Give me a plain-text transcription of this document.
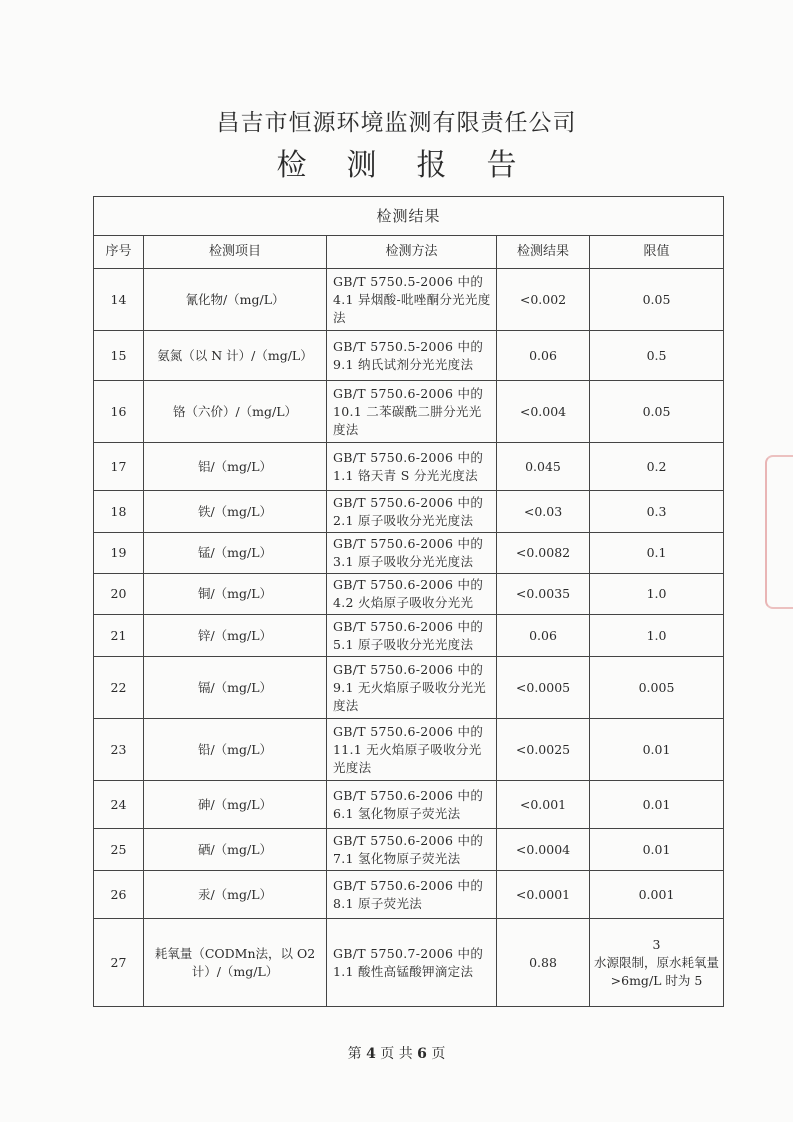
昌吉市恒源环境监测有限责任公司
检测报告
检测结果				
序号	检测项目	检测方法	检测结果	限值
14	氰化物/（mg/L）	GB/T 5750.5-2006 中的4.1 异烟酸-吡唑酮分光光度法	<0.002	0.05
15	氨氮（以 N 计）/（mg/L）	GB/T 5750.5-2006 中的9.1 纳氏试剂分光光度法	0.06	0.5
16	铬（六价）/（mg/L）	GB/T 5750.6-2006 中的10.1 二苯碳酰二肼分光光度法	<0.004	0.05
17	铝/（mg/L）	GB/T 5750.6-2006 中的1.1 铬天青 S 分光光度法	0.045	0.2
18	铁/（mg/L）	GB/T 5750.6-2006 中的2.1 原子吸收分光光度法	<0.03	0.3
19	锰/（mg/L）	GB/T 5750.6-2006 中的3.1 原子吸收分光光度法	<0.0082	0.1
20	铜/（mg/L）	GB/T 5750.6-2006 中的4.2 火焰原子吸收分光光	<0.0035	1.0
21	锌/（mg/L）	GB/T 5750.6-2006 中的5.1 原子吸收分光光度法	0.06	1.0
22	镉/（mg/L）	GB/T 5750.6-2006 中的9.1 无火焰原子吸收分光光度法	<0.0005	0.005
23	铅/（mg/L）	GB/T 5750.6-2006 中的11.1 无火焰原子吸收分光光度法	<0.0025	0.01
24	砷/（mg/L）	GB/T 5750.6-2006 中的6.1 氢化物原子荧光法	<0.001	0.01
25	硒/（mg/L）	GB/T 5750.6-2006 中的7.1 氢化物原子荧光法	<0.0004	0.01
26	汞/（mg/L）	GB/T 5750.6-2006 中的8.1 原子荧光法	<0.0001	0.001
27	耗氧量（CODMn法，以 O2计）/（mg/L）	GB/T 5750.7-2006 中的1.1 酸性高锰酸钾滴定法	0.88	3
水源限制，原水耗氧量>6mg/L 时为 5
第 4 页 共 6 页
